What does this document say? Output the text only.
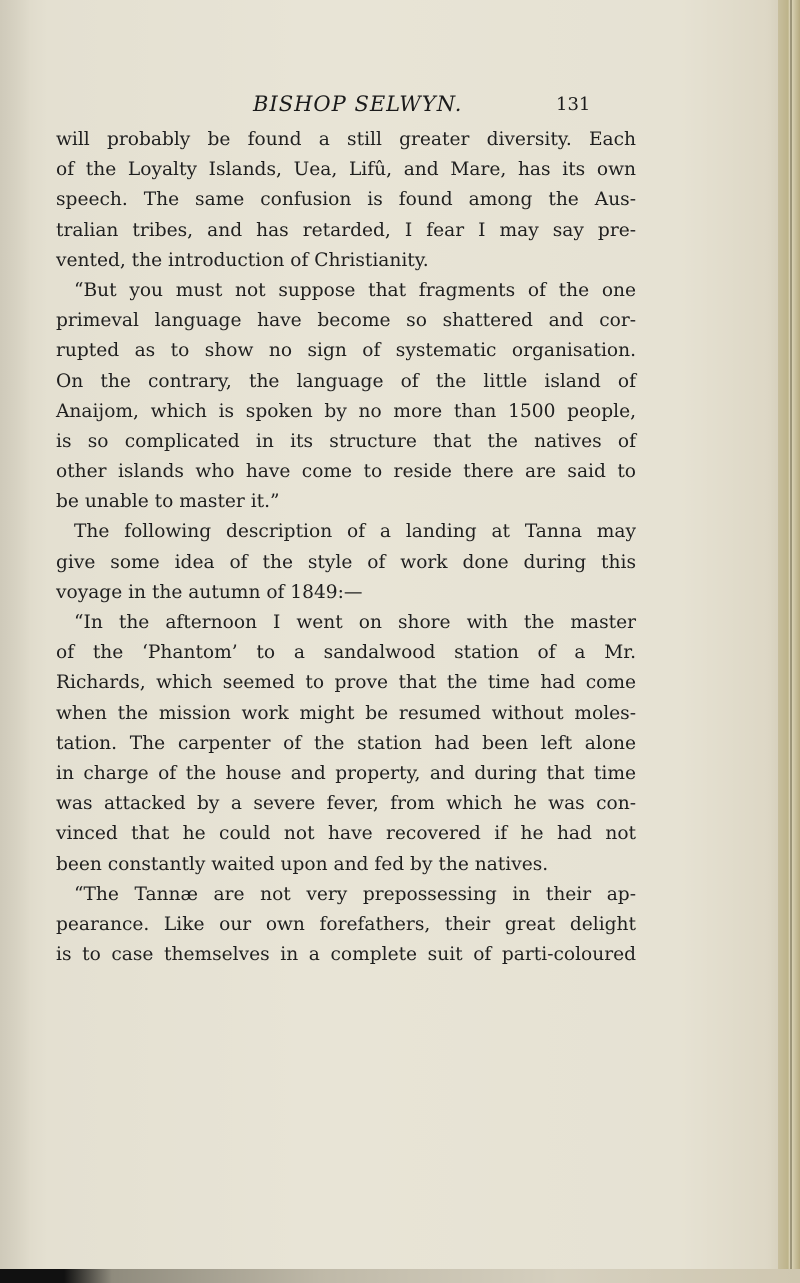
BISHOP SELWYN.	131
will probably be found a still greater diversity. Each
of the Loyalty Islands, Uea, Lifû, and Mare, has its own
speech. The same confusion is found among the Aus-
tralian tribes, and has retarded, I fear I may say pre-
vented, the introduction of Christianity.
“But you must not suppose that fragments of the one
primeval language have become so shattered and cor-
rupted as to show no sign of systematic organisation.
On the contrary, the language of the little island of
Anaijom, which is spoken by no more than 1500 people,
is so complicated in its structure that the natives of
other islands who have come to reside there are said to
be unable to master it.”
The following description of a landing at Tanna may
give some idea of the style of work done during this
voyage in the autumn of 1849:—
“In the afternoon I went on shore with the master
of the ‘Phantom’ to a sandalwood station of a Mr.
Richards, which seemed to prove that the time had come
when the mission work might be resumed without moles-
tation. The carpenter of the station had been left alone
in charge of the house and property, and during that time
was attacked by a severe fever, from which he was con-
vinced that he could not have recovered if he had not
been constantly waited upon and fed by the natives.
“The Tannæ are not very prepossessing in their ap-
pearance. Like our own forefathers, their great delight
is to case themselves in a complete suit of parti-coloured
